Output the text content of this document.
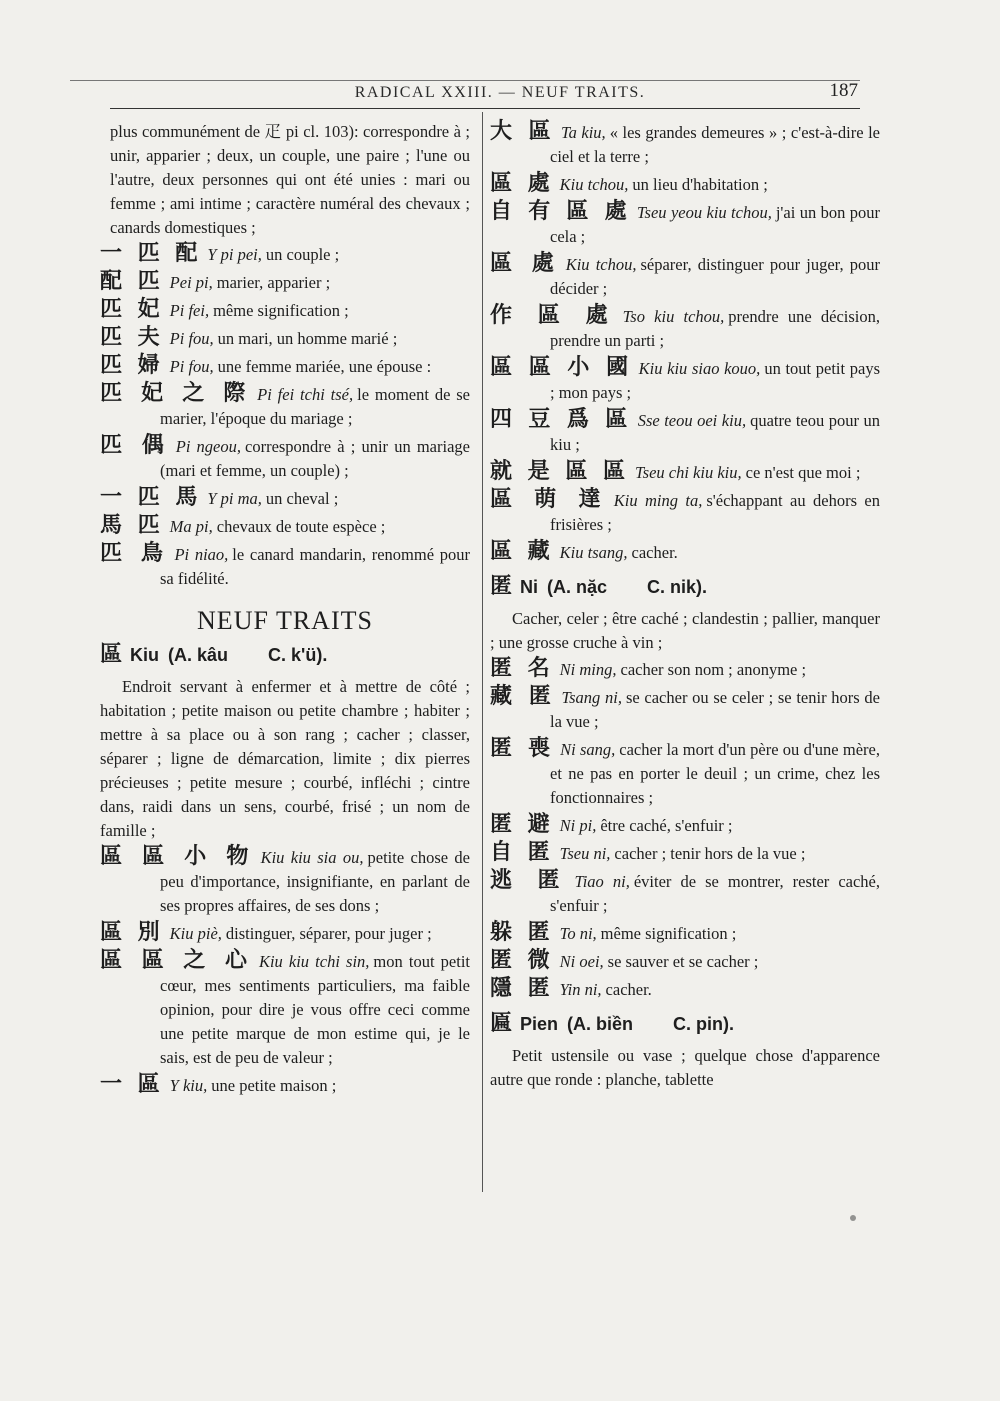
RADICAL XXIII. — NEUF TRAITS.	187

plus communément de 疋 pi cl. 103): correspondre à ; unir, apparier ; deux, un couple, une paire ; l'une ou l'autre, deux personnes qui ont été unies : mari ou femme ; ami intime ; caractère numéral des chevaux ; canards domestiques ;

一 匹 配 Y pi pei, un couple ;

配 匹 Pei pi, marier, apparier ;

匹 妃 Pi fei, même signification ;

匹 夫 Pi fou, un mari, un homme marié ;

匹 婦 Pi fou, une femme mariée, une épouse :

匹 妃 之 際 Pi fei tchi tsé, le moment de se marier, l'époque du mariage ;

匹 偶 Pi ngeou, correspondre à ; unir un mariage (mari et femme, un couple) ;

一 匹 馬 Y pi ma, un cheval ;

馬 匹 Ma pi, chevaux de toute espèce ;

匹 鳥 Pi niao, le canard mandarin, renommé pour sa fidélité.

NEUF TRAITS
區 Kiu (A. kâu C. k'ü).

Endroit servant à enfermer et à mettre de côté ; habitation ; petite maison ou petite chambre ; habiter ; mettre à sa place ou à son rang ; cacher ; classer, séparer ; ligne de démarcation, limite ; dix pierres précieuses ; petite mesure ; courbé, infléchi ; cintre dans, raidi dans un sens, courbé, frisé ; un nom de famille ;

區 區 小 物 Kiu kiu sia ou, petite chose de peu d'importance, insignifiante, en parlant de ses propres affaires, de ses dons ;

區 別 Kiu piè, distinguer, séparer, pour juger ;

區 區 之 心 Kiu kiu tchi sin, mon tout petit cœur, mes sentiments particuliers, ma faible opinion, pour dire je vous offre ceci comme une petite marque de mon estime qui, je le sais, est de peu de valeur ;

一 區 Y kiu, une petite maison ;

大 區 Ta kiu, « les grandes demeures » ; c'est-à-dire le ciel et la terre ;

區 處 Kiu tchou, un lieu d'habitation ;

自 有 區 處 Tseu yeou kiu tchou, j'ai un bon pour cela ;

區 處 Kiu tchou, séparer, distinguer pour juger, pour décider ;

作 區 處 Tso kiu tchou, prendre une décision, prendre un parti ;

區 區 小 國 Kiu kiu siao kouo, un tout petit pays ; mon pays ;

四 豆 爲 區 Sse teou oei kiu, quatre teou pour un kiu ;

就 是 區 區 Tseu chi kiu kiu, ce n'est que moi ;

區 萌 達 Kiu ming ta, s'échappant au dehors en frisières ;

區 藏 Kiu tsang, cacher.

匿 Ni (A. nặc C. nik).

Cacher, celer ; être caché ; clandestin ; pallier, manquer ; une grosse cruche à vin ;

匿 名 Ni ming, cacher son nom ; anonyme ;

藏 匿 Tsang ni, se cacher ou se celer ; se tenir hors de la vue ;

匿 喪 Ni sang, cacher la mort d'un père ou d'une mère, et ne pas en porter le deuil ; un crime, chez les fonctionnaires ;

匿 避 Ni pi, être caché, s'enfuir ;

自 匿 Tseu ni, cacher ; tenir hors de la vue ;

逃 匿 Tiao ni, éviter de se montrer, rester caché, s'enfuir ;

躲 匿 To ni, même signification ;

匿 微 Ni oei, se sauver et se cacher ;

隱 匿 Yin ni, cacher.

匾 Pien (A. biền C. pin).

Petit ustensile ou vase ; quelque chose d'apparence autre que ronde : planche, tablette
